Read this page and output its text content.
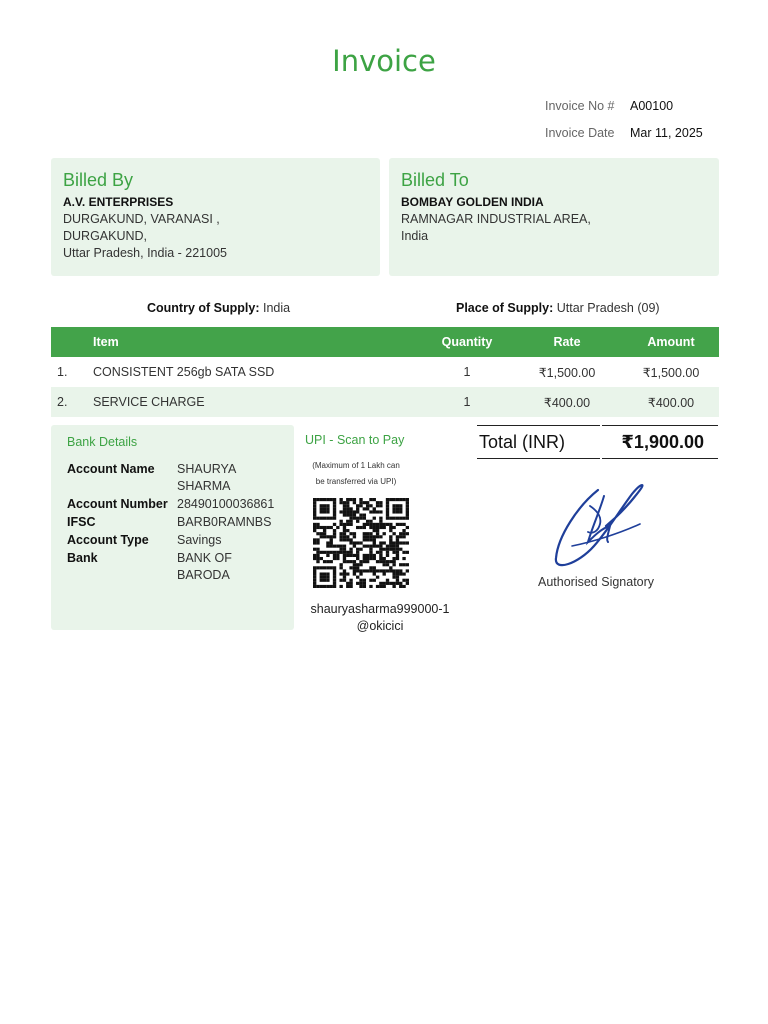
Invoice
Invoice No #	A00100
Invoice Date	Mar 11, 2025
Billed By
A.V. ENTERPRISES
DURGAKUND, VARANASI ,
DURGAKUND,
Uttar Pradesh, India - 221005
Billed To
BOMBAY GOLDEN INDIA
RAMNAGAR INDUSTRIAL AREA,
India
Country of Supply: India	Place of Supply: Uttar Pradesh (09)
	Item	Quantity	Rate	Amount
1.	CONSISTENT 256gb SATA SSD	1	₹1,500.00	₹1,500.00
2.	SERVICE CHARGE	1	₹400.00	₹400.00
Bank Details
Account Name	SHAURYA
SHARMA
Account Number 28490100036861
IFSC	BARB0RAMNBS
Account Type	Savings
Bank	BANK OF
BARODA
UPI - Scan to Pay
(Maximum of 1 Lakh can
be transferred via UPI)
shauryasharma999000-1
@okicici
Total (INR)	₹1,900.00
Authorised Signatory
